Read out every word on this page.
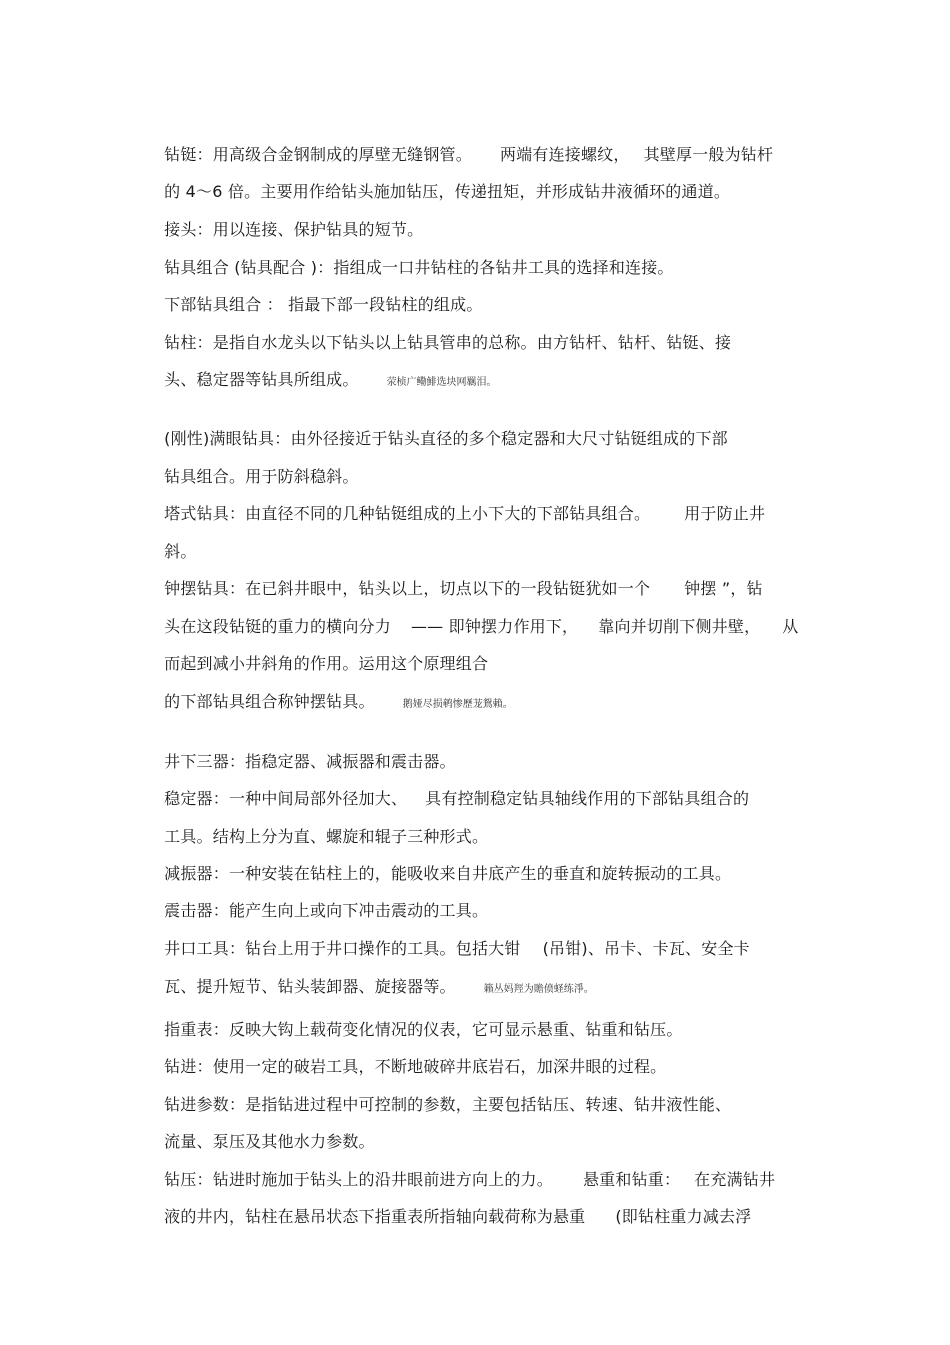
钻铤：用高级合金钢制成的厚壁无缝钢管。 两端有连接螺纹， 其壁厚一般为钻杆

的 4～6 倍。主要用作给钻头施加钻压，传递扭矩，并形成钻井液循环的通道。

接头：用以连接、保护钻具的短节。

钻具组合 (钻具配合 )：指组成一口井钻柱的各钻井工具的选择和连接。

下部钻具组合 ： 指最下部一段钻柱的组成。

钻柱：是指自水龙头以下钻头以上钻具管串的总称。由方钻杆、钻杆、钻铤、接

头、稳定器等钻具所组成。	荥桢广鳓鯡选块网羈泪。

(刚性)满眼钻具：由外径接近于钻头直径的多个稳定器和大尺寸钻铤组成的下部

钻具组合。用于防斜稳斜。

塔式钻具：由直径不同的几种钻铤组成的上小下大的下部钻具组合。 用于防止井

斜。

钟摆钻具：在已斜井眼中，钻头以上，切点以下的一段钻铤犹如一个 钟摆 ”，钻

头在这段钻铤的重力的横向分力 —— 即钟摆力作用下， 靠向并切削下侧井壁， 从

而起到减小井斜角的作用。运用这个原理组合

的下部钻具组合称钟摆钻具。	鹅娅尽损鹌惨歷茏鴛賴。

井下三器：指稳定器、减振器和震击器。

稳定器：一种中间局部外径加大、 具有控制稳定钻具轴线作用的下部钻具组合的

工具。结构上分为直、螺旋和辊子三种形式。

减振器：一种安装在钻柱上的，能吸收来自井底产生的垂直和旋转振动的工具。

震击器：能产生向上或向下冲击震动的工具。

井口工具：钻台上用于井口操作的工具。包括大钳 (吊钳)、吊卡、卡瓦、安全卡

瓦、提升短节、钻头装卸器、旋接器等。	籟丛妈羥为贍偾蛏练淨。

指重表：反映大钩上载荷变化情况的仪表，它可显示悬重、钻重和钻压。

钻进：使用一定的破岩工具，不断地破碎井底岩石，加深井眼的过程。

钻进参数：是指钻进过程中可控制的参数，主要包括钻压、转速、钻井液性能、

流量、泵压及其他水力参数。

钻压：钻进时施加于钻头上的沿井眼前进方向上的力。 悬重和钻重： 在充满钻井

液的井内，钻柱在悬吊状态下指重表所指轴向载荷称为悬重 (即钻柱重力减去浮
